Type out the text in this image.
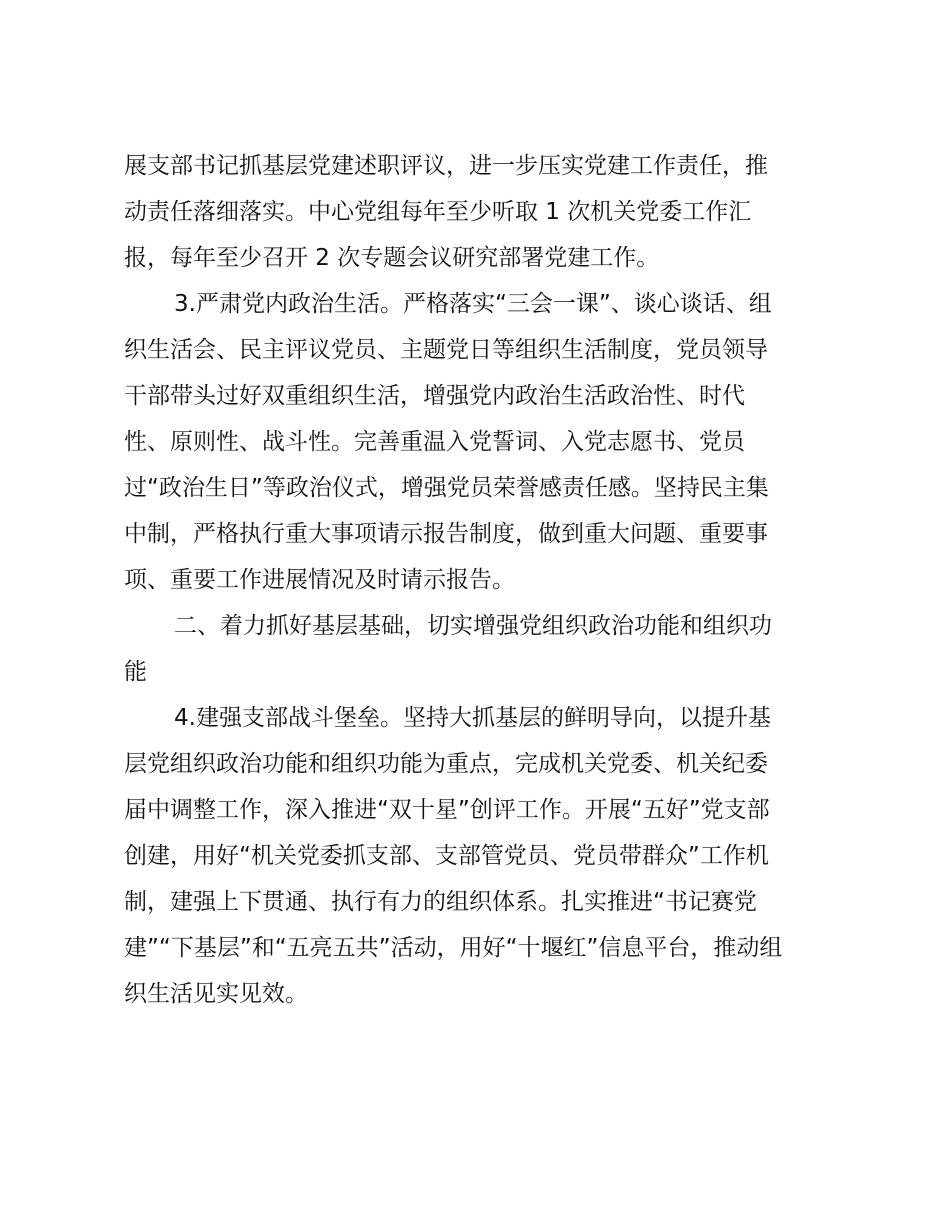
展支部书记抓基层党建述职评议，进一步压实党建工作责任，推
动责任落细落实。中心党组每年至少听取 1 次机关党委工作汇
报，每年至少召开 2 次专题会议研究部署党建工作。
3.严肃党内政治生活。严格落实“三会一课”、谈心谈话、组
织生活会、民主评议党员、主题党日等组织生活制度，党员领导
干部带头过好双重组织生活，增强党内政治生活政治性、时代
性、原则性、战斗性。完善重温入党誓词、入党志愿书、党员
过“政治生日”等政治仪式，增强党员荣誉感责任感。坚持民主集
中制，严格执行重大事项请示报告制度，做到重大问题、重要事
项、重要工作进展情况及时请示报告。
二、着力抓好基层基础，切实增强党组织政治功能和组织功
能
4.建强支部战斗堡垒。坚持大抓基层的鲜明导向，以提升基
层党组织政治功能和组织功能为重点，完成机关党委、机关纪委
届中调整工作，深入推进“双十星”创评工作。开展“五好”党支部
创建，用好“机关党委抓支部、支部管党员、党员带群众”工作机
制，建强上下贯通、执行有力的组织体系。扎实推进“书记赛党
建”“下基层”和“五亮五共”活动，用好“十堰红”信息平台，推动组
织生活见实见效。
